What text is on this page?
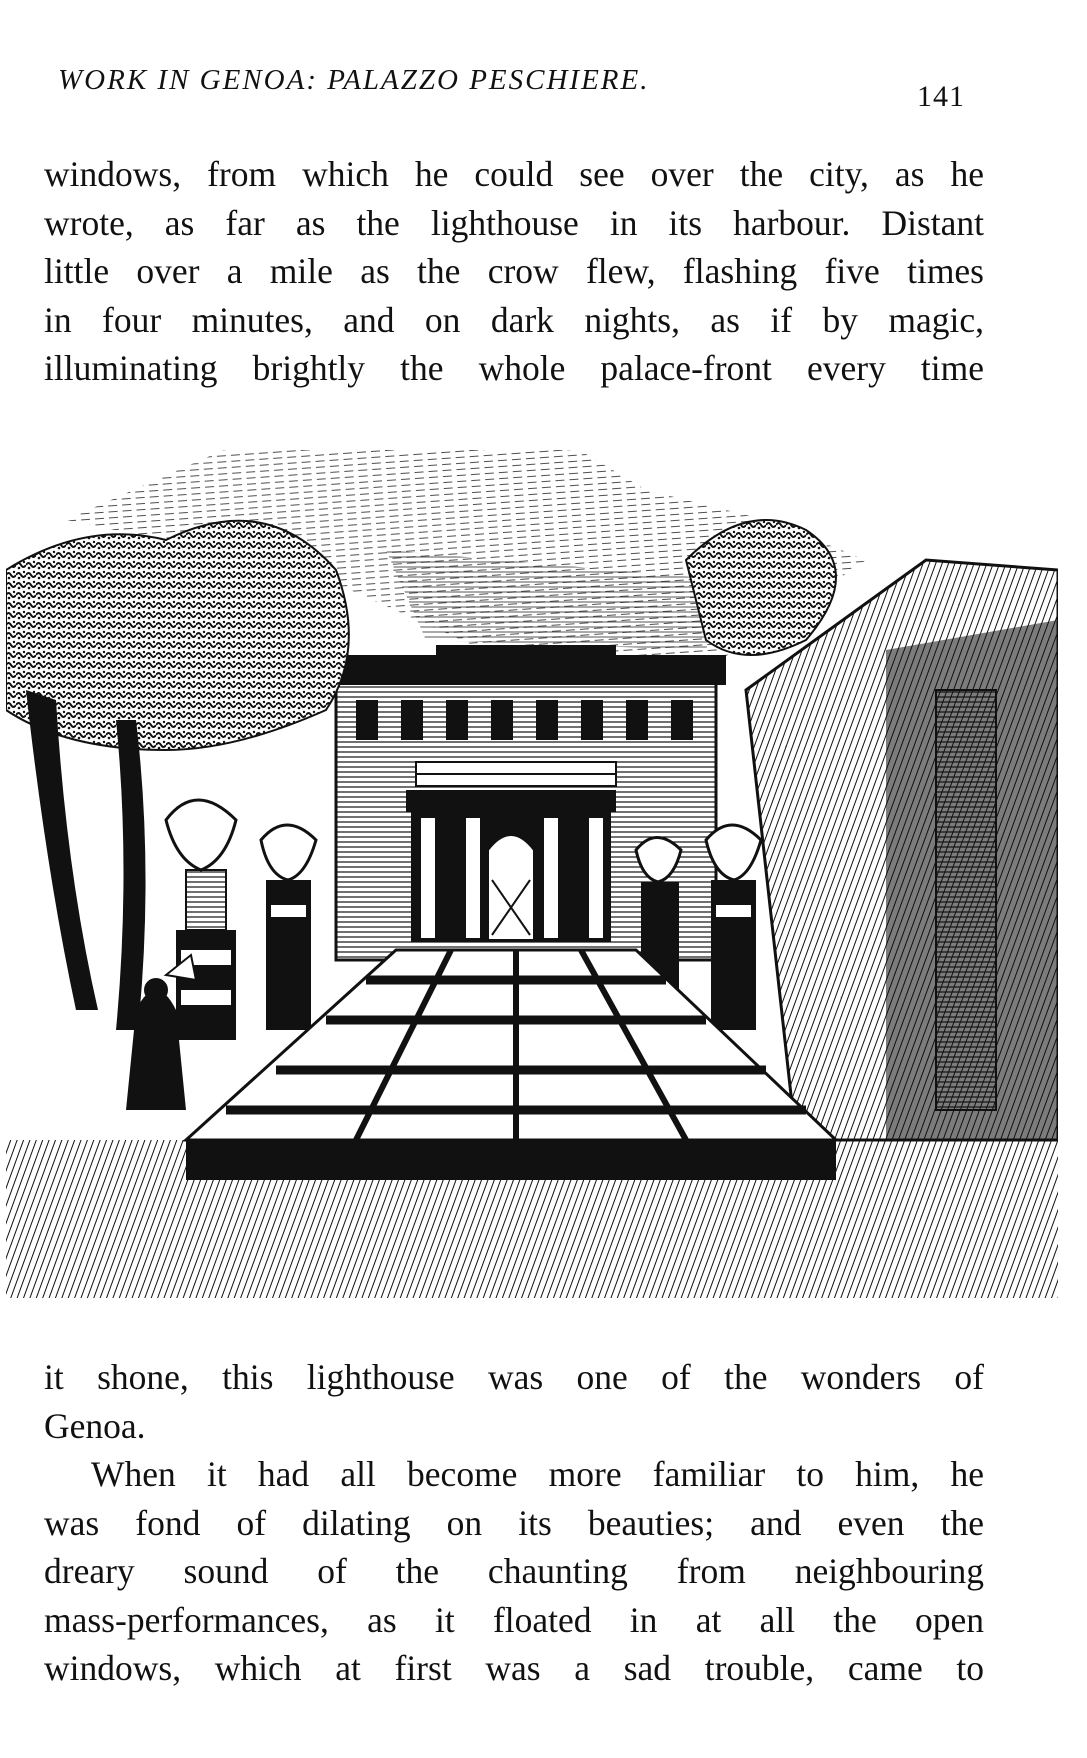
WORK IN GENOA: PALAZZO PESCHIERE.	141
windows, from which he could see over the city, as he
wrote, as far as the lighthouse in its harbour. Distant
little over a mile as the crow flew, flashing five times
in four minutes, and on dark nights, as if by magic,
illuminating brightly the whole palace-front every time

it shone, this lighthouse was one of the wonders of
Genoa.

When it had all become more familiar to him, he
was fond of dilating on its beauties; and even the
dreary sound of the chaunting from neighbouring
mass-performances, as it floated in at all the open
windows, which at first was a sad trouble, came to
